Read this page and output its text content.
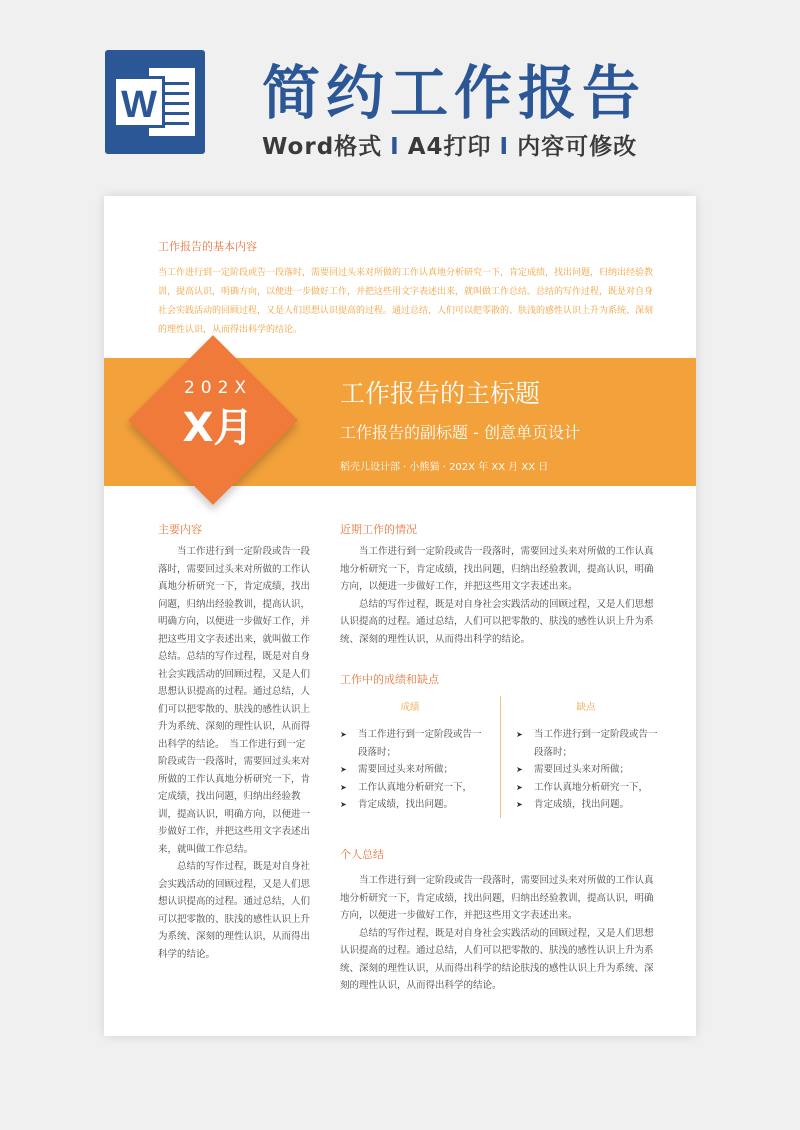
W 简约工作报告
Word格式 I A4打印 I 内容可修改
工作报告的基本内容
当工作进行到一定阶段或告一段落时，需要回过头来对所做的工作认真地分析研究一下，肯定成绩，找出问题，归纳出经验教训，提高认识，明确方向，以便进一步做好工作，并把这些用文字表述出来，就叫做工作总结。总结的写作过程，既是对自身社会实践活动的回顾过程，又是人们思想认识提高的过程。通过总结，人们可以把零散的、肤浅的感性认识上升为系统、深刻的理性认识，从而得出科学的结论。
202X
X月
工作报告的主标题
工作报告的副标题 - 创意单页设计
稻壳儿设计部 · 小熊猫 · 202X 年 XX 月 XX 日
主要内容

当工作进行到一定阶段或告一段落时，需要回过头来对所做的工作认真地分析研究一下，肯定成绩，找出问题，归纳出经验教训，提高认识，明确方向，以便进一步做好工作，并把这些用文字表述出来，就叫做工作总结。总结的写作过程，既是对自身社会实践活动的回顾过程，又是人们思想认识提高的过程。通过总结，人们可以把零散的、肤浅的感性认识上升为系统、深刻的理性认识，从而得出科学的结论。　当工作进行到一定阶段或告一段落时，需要回过头来对所做的工作认真地分析研究一下，肯定成绩，找出问题，归纳出经验教训，提高认识，明确方向，以便进一步做好工作，并把这些用文字表述出来，就叫做工作总结。

总结的写作过程，既是对自身社会实践活动的回顾过程，又是人们思想认识提高的过程。通过总结，人们可以把零散的、肤浅的感性认识上升为系统、深刻的理性认识，从而得出科学的结论。

近期工作的情况

当工作进行到一定阶段或告一段落时，需要回过头来对所做的工作认真地分析研究一下，肯定成绩，找出问题，归纳出经验教训，提高认识，明确方向，以便进一步做好工作，并把这些用文字表述出来。

总结的写作过程，既是对自身社会实践活动的回顾过程，又是人们思想认识提高的过程。通过总结，人们可以把零散的、肤浅的感性认识上升为系统、深刻的理性认识，从而得出科学的结论。

工作中的成绩和缺点
成绩	缺点
➤ 当工作进行到一定阶段或告一段落时；
➤ 需要回过头来对所做；
➤ 工作认真地分析研究一下，
➤ 肯定成绩，找出问题。
➤ 当工作进行到一定阶段或告一段落时；
➤ 需要回过头来对所做；
➤ 工作认真地分析研究一下，
➤ 肯定成绩，找出问题。
个人总结

当工作进行到一定阶段或告一段落时，需要回过头来对所做的工作认真地分析研究一下，肯定成绩，找出问题，归纳出经验教训，提高认识，明确方向，以便进一步做好工作，并把这些用文字表述出来。

总结的写作过程，既是对自身社会实践活动的回顾过程，又是人们思想认识提高的过程。通过总结，人们可以把零散的、肤浅的感性认识上升为系统、深刻的理性认识，从而得出科学的结论肤浅的感性认识上升为系统、深刻的理性认识，从而得出科学的结论。
